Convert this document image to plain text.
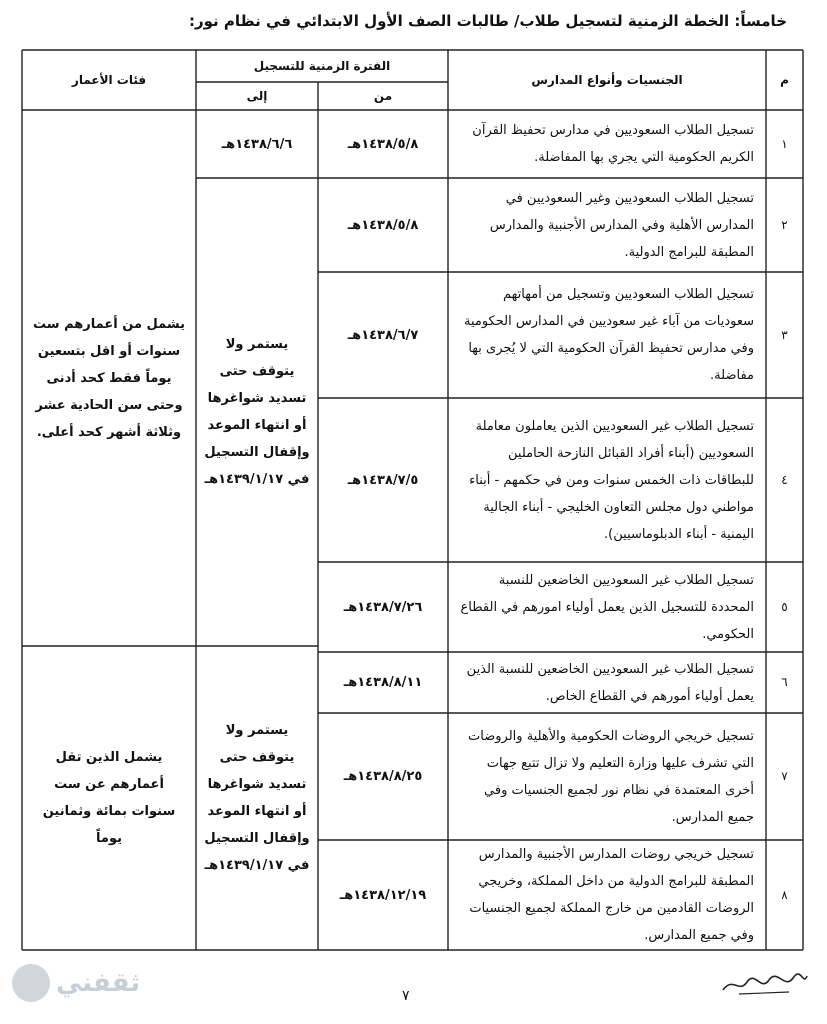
خامساً: الخطة الزمنية لتسجيل طلاب/ طالبات الصف الأول الابتدائي في نظام نور:
م
الجنسيات وأنواع المدارس
الفترة الزمنية للتسجيل
من
إلى
فئات الأعمار
١
تسجيل الطلاب السعوديين في مدارس تحفيظ القرآن الكريم الحكومية التي يجري بها المفاضلة.
١٤٣٨/٥/٨هـ
١٤٣٨/٦/٦هـ
٢
تسجيل الطلاب السعوديين وغير السعوديين في المدارس الأهلية وفي المدارس الأجنبية والمدارس المطبقة للبرامج الدولية.
١٤٣٨/٥/٨هـ
٣
تسجيل الطلاب السعوديين وتسجيل من أمهاتهم سعوديات من آباء غير سعوديين في المدارس الحكومية وفي مدارس تحفيظ القرآن الحكومية التي لا يُجرى بها مفاضلة.
١٤٣٨/٦/٧هـ
٤
تسجيل الطلاب غير السعوديين الذين يعاملون معاملة السعوديين (أبناء أفراد القبائل النازحة الحاملين للبطاقات ذات الخمس سنوات ومن في حكمهم - أبناء مواطني دول مجلس التعاون الخليجي - أبناء الجالية اليمنية - أبناء الدبلوماسيين).
١٤٣٨/٧/٥هـ
٥
تسجيل الطلاب غير السعوديين الخاضعين للنسبة المحددة للتسجيل الذين يعمل أولياء امورهم في القطاع الحكومي.
١٤٣٨/٧/٢٦هـ
٦
تسجيل الطلاب غير السعوديين الخاضعين للنسبة الذين يعمل أولياء أمورهم في القطاع الخاص.
١٤٣٨/٨/١١هـ
٧
تسجيل خريجي الروضات الحكومية والأهلية والروضات التي تشرف عليها وزارة التعليم ولا تزال تتبع جهات أخرى المعتمدة في نظام نور لجميع الجنسيات وفي جميع المدارس.
١٤٣٨/٨/٢٥هـ
٨
تسجيل خريجي روضات المدارس الأجنبية والمدارس المطبقة للبرامج الدولية من داخل المملكة، وخريجي الروضات القادمين من خارج المملكة لجميع الجنسيات وفي جميع المدارس.
١٤٣٨/١٢/١٩هـ
يستمر ولا يتوقف حتى تسديد شواغرها أو انتهاء الموعد وإقفال التسجيل في ١٤٣٩/١/١٧هـ
يستمر ولا يتوقف حتى تسديد شواغرها أو انتهاء الموعد وإقفال التسجيل في ١٤٣٩/١/١٧هـ
يشمل من أعمارهم ست سنوات أو اقل بتسعين يوماً فقط كحد أدنى وحتى سن الحادية عشر وثلاثة أشهر كحد أعلى.
يشمل الذين تقل أعمارهم عن ست سنوات بمائة وثمانين يوماً
٧
ثقفني
